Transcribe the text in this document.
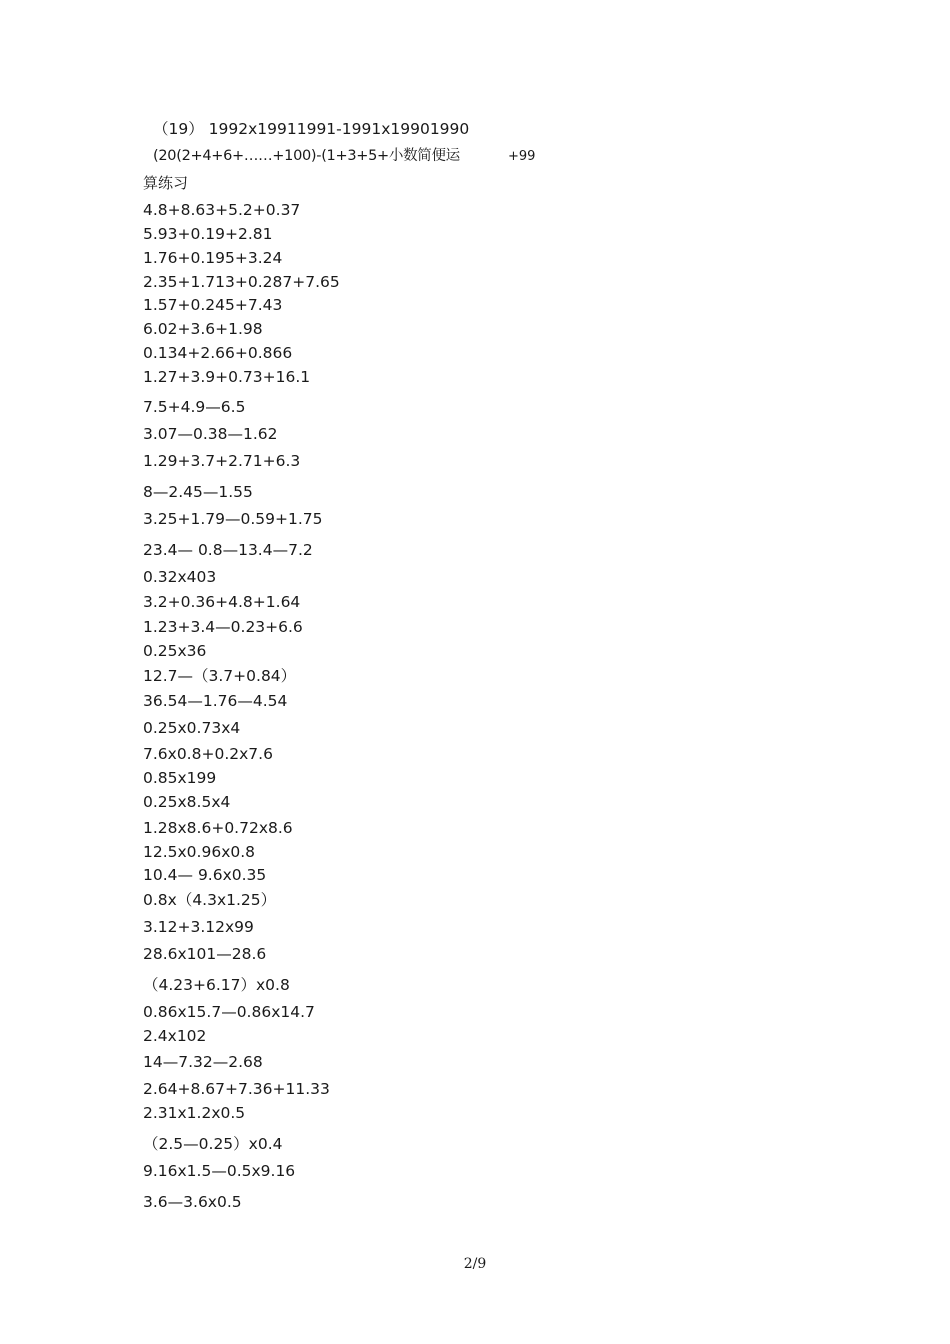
（19） 1992x19911991-1991x19901990
(20(2+4+6+……+100)-(1+3+5+小数简便运	+99
算练习
4.8+8.63+5.2+0.37
5.93+0.19+2.81
1.76+0.195+3.24
2.35+1.713+0.287+7.65
1.57+0.245+7.43
6.02+3.6+1.98
0.134+2.66+0.866
1.27+3.9+0.73+16.1
7.5+4.9—6.5
3.07—0.38—1.62
1.29+3.7+2.71+6.3
8—2.45—1.55
3.25+1.79—0.59+1.75
23.4— 0.8—13.4—7.2
0.32x403
3.2+0.36+4.8+1.64
1.23+3.4—0.23+6.6
0.25x36
12.7—（3.7+0.84）
36.54—1.76—4.54
0.25x0.73x4
7.6x0.8+0.2x7.6
0.85x199
0.25x8.5x4
1.28x8.6+0.72x8.6
12.5x0.96x0.8
10.4— 9.6x0.35
0.8x（4.3x1.25）
3.12+3.12x99
28.6x101—28.6
（4.23+6.17）x0.8
0.86x15.7—0.86x14.7
2.4x102
14—7.32—2.68
2.64+8.67+7.36+11.33
2.31x1.2x0.5
（2.5—0.25）x0.4
9.16x1.5—0.5x9.16
3.6—3.6x0.5
2/9
